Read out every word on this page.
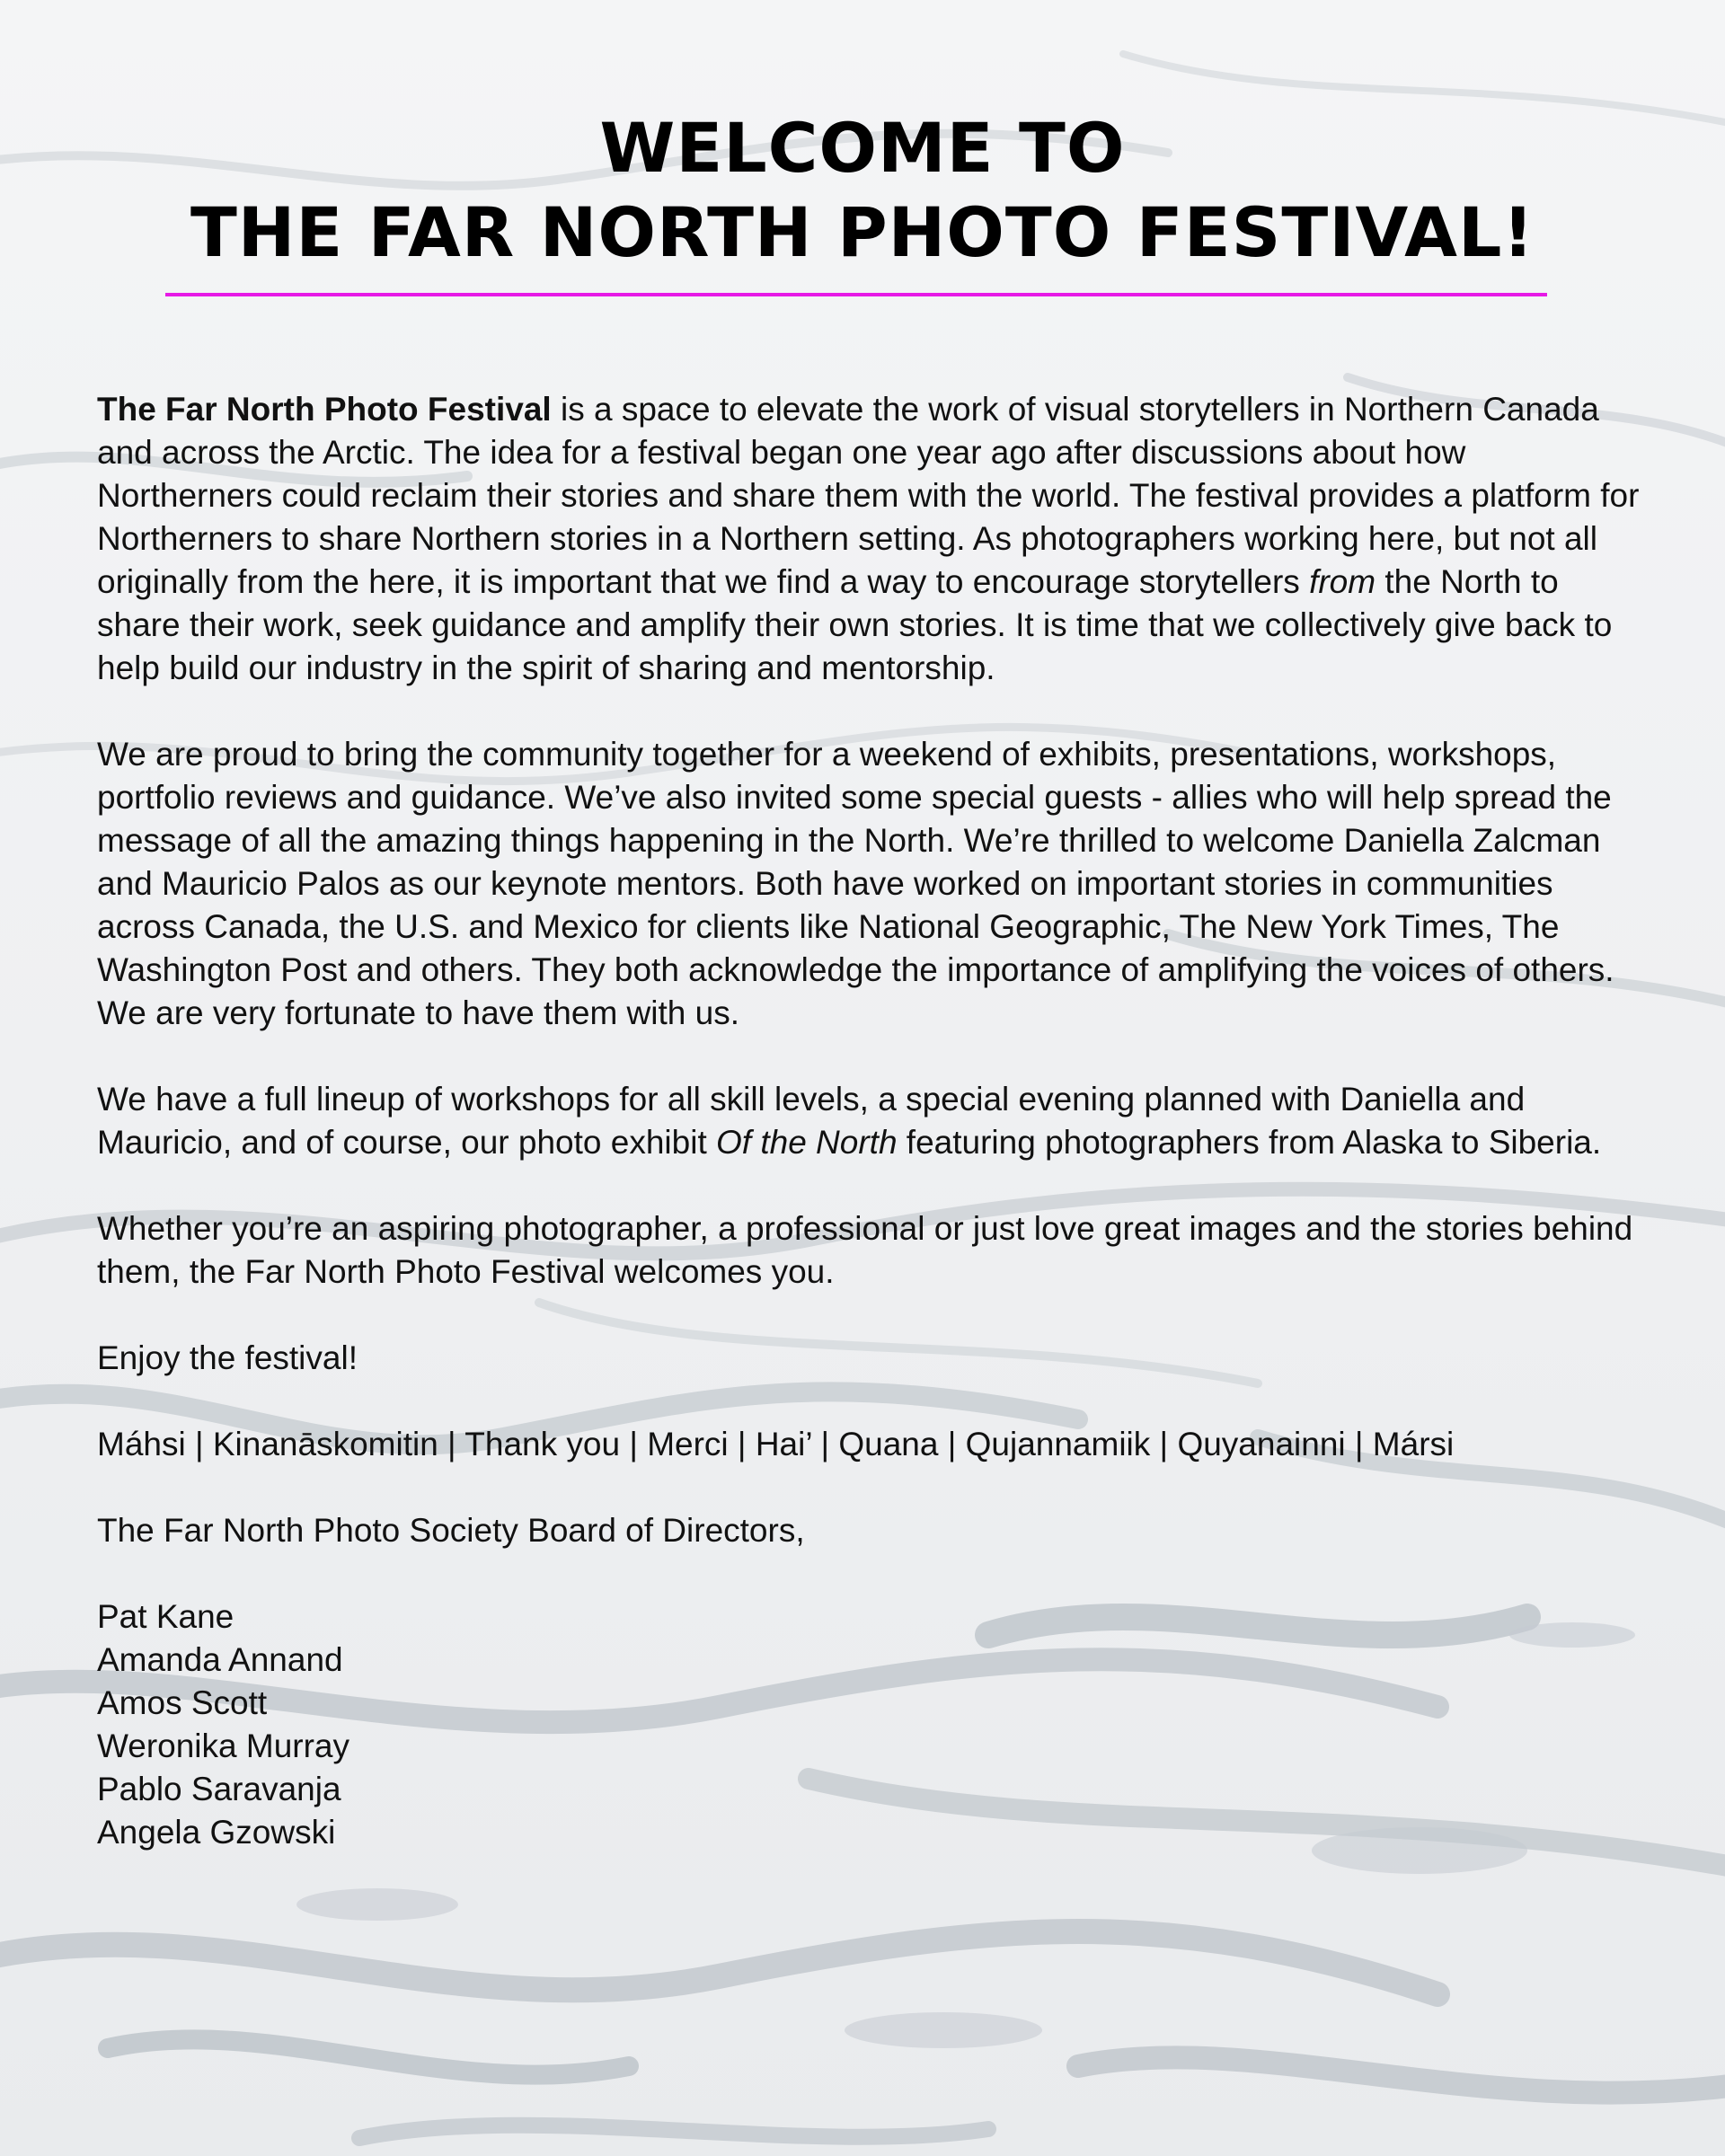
WELCOME TO
THE FAR NORTH PHOTO FESTIVAL!

The Far North Photo Festival is a space to elevate the work of visual storytellers in Northern Canada and across the Arctic. The idea for a festival began one year ago after discussions about how Northerners could reclaim their stories and share them with the world. The festival provides a platform for Northerners to share Northern stories in a Northern setting. As photographers working here, but not all originally from the here, it is important that we find a way to encourage storytellers from the North to share their work, seek guidance and amplify their own stories. It is time that we collectively give back to help build our industry in the spirit of sharing and mentorship.

We are proud to bring the community together for a weekend of exhibits, presentations, workshops, portfolio reviews and guidance. We’ve also invited some special guests - allies who will help spread the message of all the amazing things happening in the North. We’re thrilled to welcome Daniella Zalcman and Mauricio Palos as our keynote mentors. Both have worked on important stories in communities across Canada, the U.S. and Mexico for clients like National Geographic, The New York Times, The Washington Post and others. They both acknowledge the importance of amplifying the voices of others. We are very fortunate to have them with us.

We have a full lineup of workshops for all skill levels, a special evening planned with Daniella and Mauricio, and of course, our photo exhibit Of the North featuring photographers from Alaska to Siberia.

Whether you’re an aspiring photographer, a professional or just love great images and the stories behind them, the Far North Photo Festival welcomes you.

Enjoy the festival!

Máhsi | Kinanāskomitin | Thank you | Merci | Hai’ | Quana | Qujannamiik | Quyanainni | Mársi

The Far North Photo Society Board of Directors,

Pat Kane
Amanda Annand
Amos Scott
Weronika Murray
Pablo Saravanja
Angela Gzowski
